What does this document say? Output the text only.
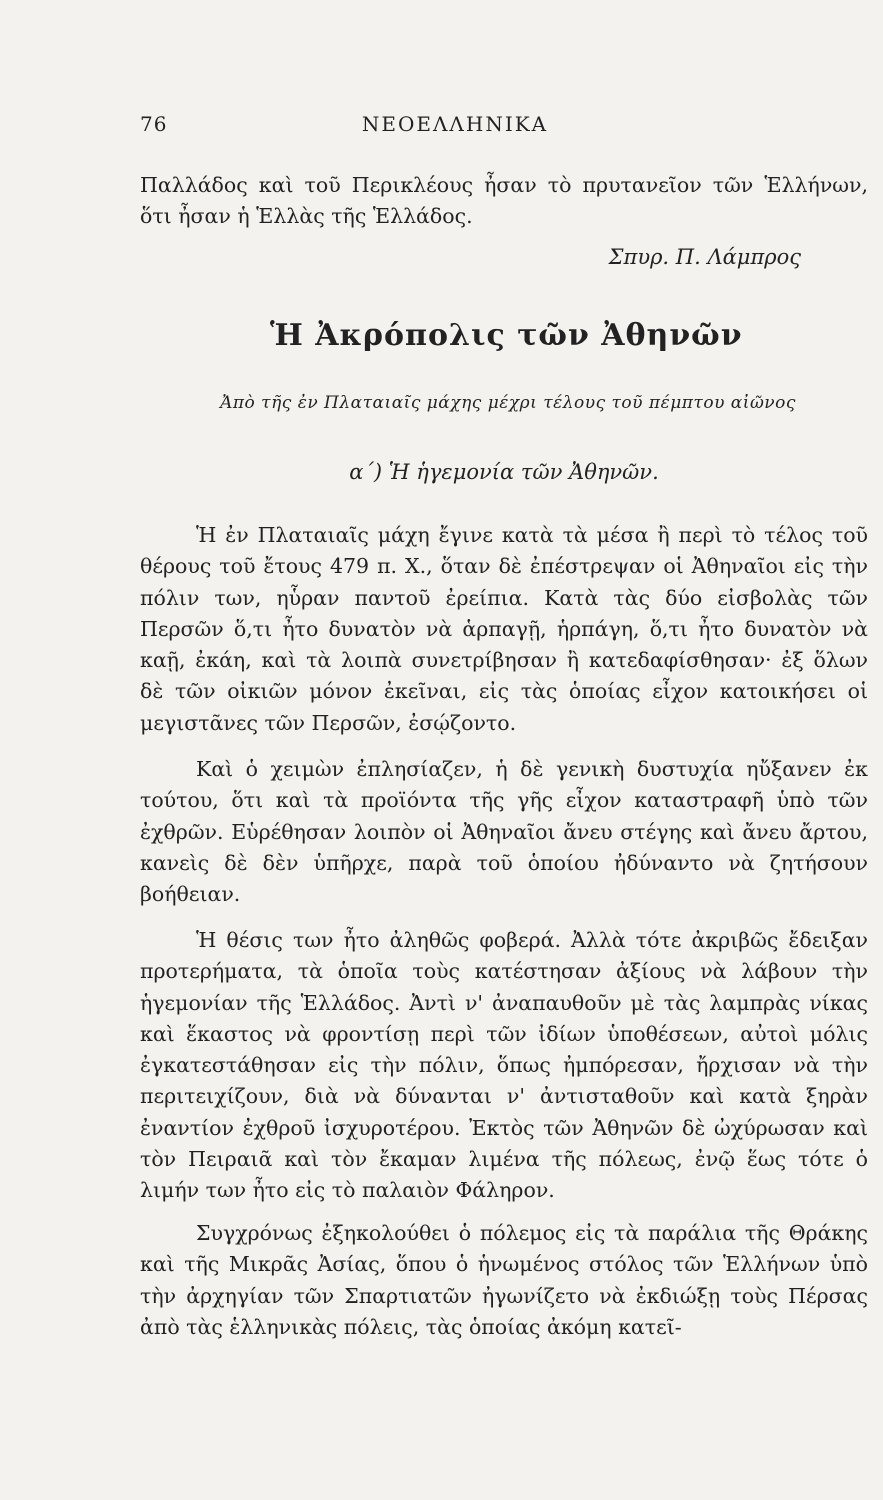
76	ΝΕΟΕΛΛΗΝΙΚΑ

Παλλάδος καὶ τοῦ Περικλέους ἦσαν τὸ πρυτανεῖον τῶν Ἑλλήνων, ὅτι ἦσαν ἡ Ἑλλὰς τῆς Ἑλλάδος.

Σπυρ. Π. Λάμπρος
Ἡ Ἀκρόπολις τῶν Ἀθηνῶν
Ἀπὸ τῆς ἐν Πλαταιαῖς μάχης μέχρι τέλους τοῦ πέμπτου αἰῶνος
α΄) Ἡ ἡγεμονία τῶν Ἀθηνῶν.

Ἡ ἐν Πλαταιαῖς μάχη ἔγινε κατὰ τὰ μέσα ἢ περὶ τὸ τέλος τοῦ θέρους τοῦ ἔτους 479 π. Χ., ὅταν δὲ ἐπέστρεψαν οἱ Ἀθηναῖοι εἰς τὴν πόλιν των, ηὗραν παντοῦ ἐρείπια. Κατὰ τὰς δύο εἰσβολὰς τῶν Περσῶν ὅ,τι ἦτο δυνατὸν νὰ ἁρπαγῇ, ἡρπάγη, ὅ,τι ἦτο δυνατὸν νὰ καῇ, ἐκάη, καὶ τὰ λοιπὰ συνετρίβησαν ἢ κατεδαφίσθησαν· ἐξ ὅλων δὲ τῶν οἰκιῶν μόνον ἐκεῖναι, εἰς τὰς ὁποίας εἶχον κατοικήσει οἱ μεγιστᾶνες τῶν Περσῶν, ἐσῴζοντο.

Καὶ ὁ χειμὼν ἐπλησίαζεν, ἡ δὲ γενικὴ δυστυχία ηὔξανεν ἐκ τούτου, ὅτι καὶ τὰ προϊόντα τῆς γῆς εἶχον καταστραφῆ ὑπὸ τῶν ἐχθρῶν. Εὑρέθησαν λοιπὸν οἱ Ἀθηναῖοι ἄνευ στέγης καὶ ἄνευ ἄρτου, κανεὶς δὲ δὲν ὑπῆρχε, παρὰ τοῦ ὁποίου ἠδύναντο νὰ ζητήσουν βοήθειαν.

Ἡ θέσις των ἦτο ἀληθῶς φοβερά. Ἀλλὰ τότε ἀκριβῶς ἔδειξαν προτερήματα, τὰ ὁποῖα τοὺς κατέστησαν ἀξίους νὰ λάβουν τὴν ἡγεμονίαν τῆς Ἑλλάδος. Ἀντὶ ν' ἀναπαυθοῦν μὲ τὰς λαμπρὰς νίκας καὶ ἕκαστος νὰ φροντίσῃ περὶ τῶν ἰδίων ὑποθέσεων, αὐτοὶ μόλις ἐγκατεστάθησαν εἰς τὴν πόλιν, ὅπως ἠμπόρεσαν, ἤρχισαν νὰ τὴν περιτειχίζουν, διὰ νὰ δύνανται ν' ἀντισταθοῦν καὶ κατὰ ξηρὰν ἐναντίον ἐχθροῦ ἰσχυροτέρου. Ἐκτὸς τῶν Ἀθηνῶν δὲ ὠχύρωσαν καὶ τὸν Πειραιᾶ καὶ τὸν ἔκαμαν λιμένα τῆς πόλεως, ἐνῷ ἕως τότε ὁ λιμήν των ἦτο εἰς τὸ παλαιὸν Φάληρον.

Συγχρόνως ἐξηκολούθει ὁ πόλεμος εἰς τὰ παράλια τῆς Θράκης καὶ τῆς Μικρᾶς Ἀσίας, ὅπου ὁ ἡνωμένος στόλος τῶν Ἑλλήνων ὑπὸ τὴν ἀρχηγίαν τῶν Σπαρτιατῶν ἠγωνίζετο νὰ ἐκδιώξῃ τοὺς Πέρσας ἀπὸ τὰς ἑλληνικὰς πόλεις, τὰς ὁποίας ἀκόμη κατεῖ-
